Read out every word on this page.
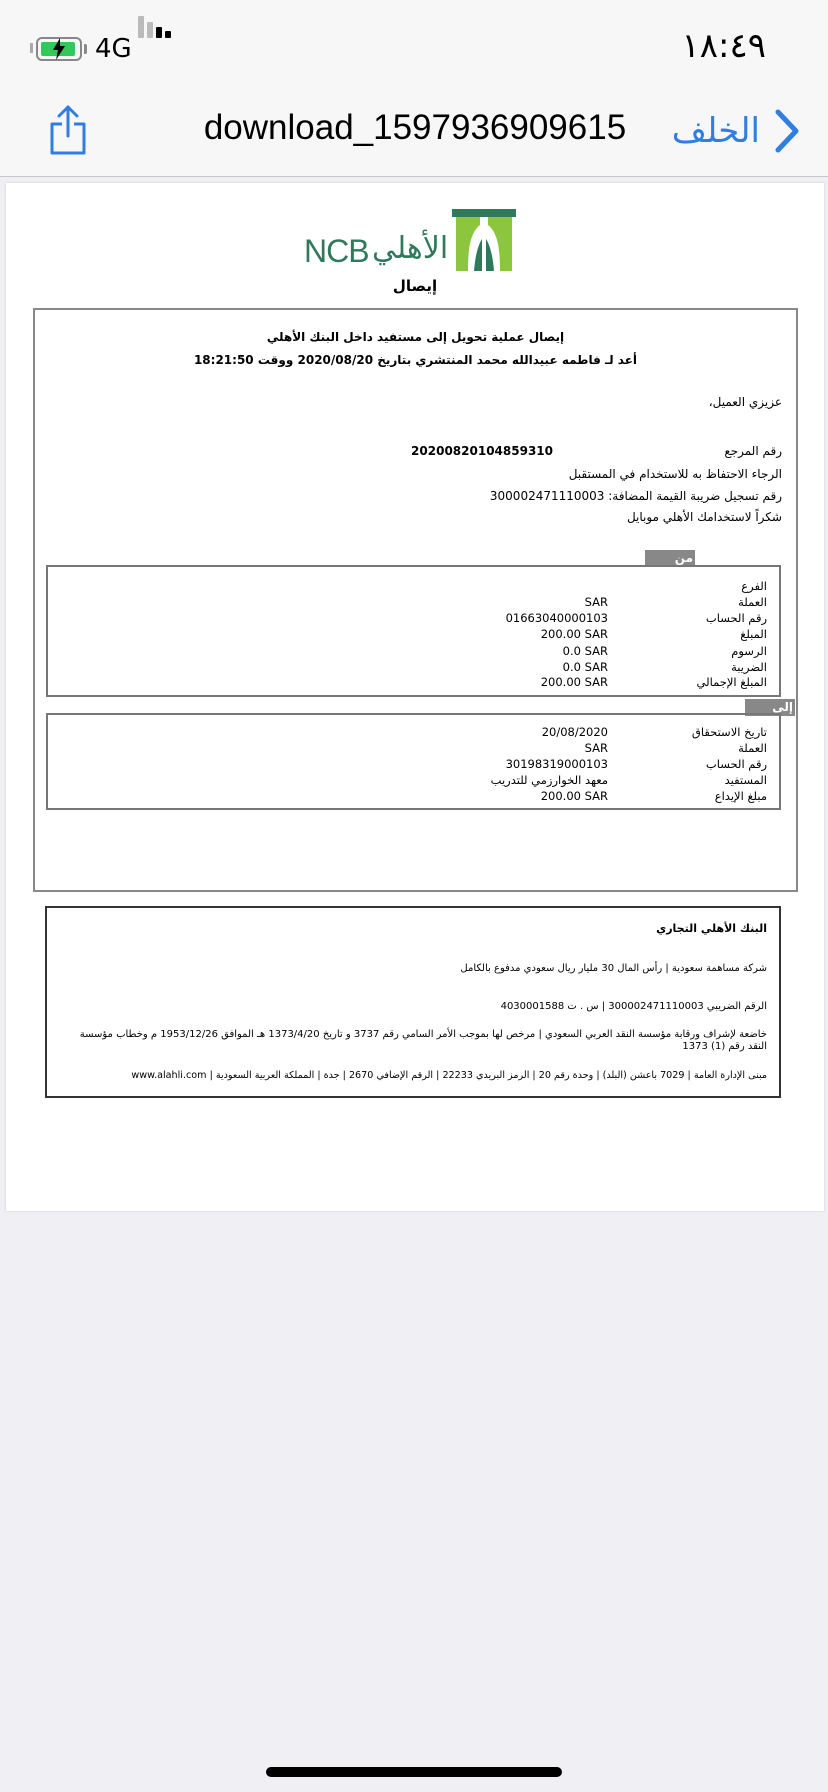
4G	١٨:٤٩
download_1597936909615	الخلف
NCB الأهلي
إيصال
إيصال عملية تحويل إلى مستفيد داخل البنك الأهلي
أعد لـ فاطمه عبيدالله محمد المنتشري بتاريخ 2020/08/20 ووقت 18:21:50
عزيزي العميل،
رقم المرجع
20200820104859310
الرجاء الاحتفاظ به للاستخدام في المستقبل
رقم تسجيل ضريبة القيمة المضافة: 300002471110003
شكراً لاستخدامك الأهلي موبايل
من
الفرع
العملة
SAR
رقم الحساب
01663040000103
المبلغ
200.00 SAR
الرسوم
0.0 SAR
الضريبة
0.0 SAR
المبلغ الإجمالي
200.00 SAR
إلى
تاريخ الاستحقاق
20/08/2020
العملة
SAR
رقم الحساب
30198319000103
المستفيد
معهد الخوارزمي للتدريب
مبلغ الإيداع
200.00 SAR
البنك الأهلي التجاري
شركة مساهمة سعودية | رأس المال 30 مليار ريال سعودي مدفوع بالكامل
الرقم الضريبي 300002471110003 | س . ت 4030001588
خاضعة لإشراف ورقابة مؤسسة النقد العربي السعودي | مرخص لها بموجب الأمر السامي رقم 3737 و تاريخ 1373/4/20 هـ الموافق 1953/12/26 م وخطاب مؤسسة النقد رقم (1) 1373
مبنى الإدارة العامة | 7029 باعشن (البلد) | وحدة رقم 20 | الرمز البريدي 22233 | الرقم الإضافي 2670 | جدة | المملكة العربية السعودية | www.alahli.com
